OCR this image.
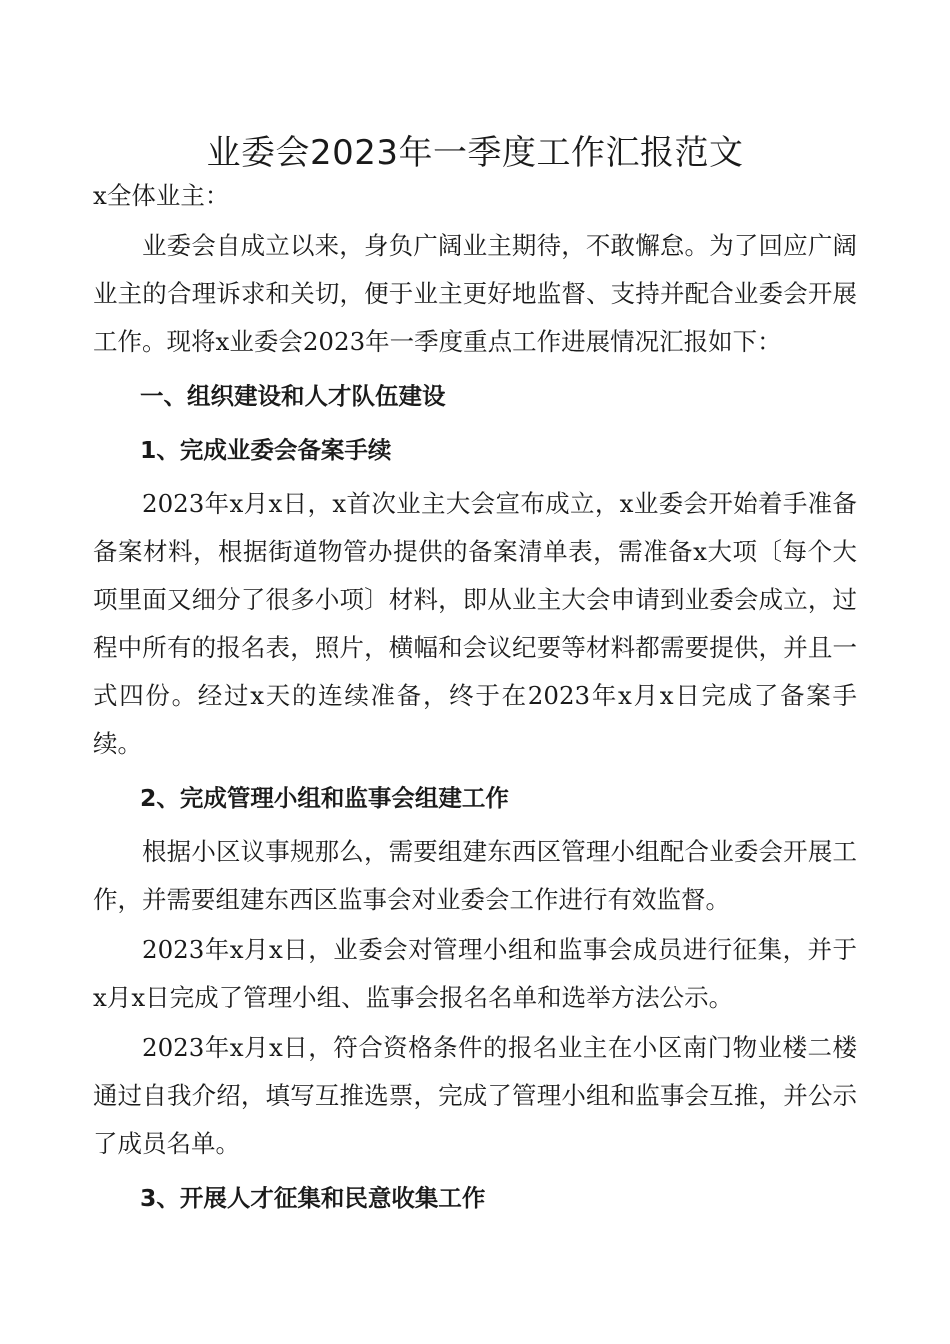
业委会2023年一季度工作汇报范文

x全体业主：

业委会自成立以来，身负广阔业主期待，不敢懈怠。为了回应广阔业主的合理诉求和关切，便于业主更好地监督、支持并配合业委会开展工作。现将x业委会2023年一季度重点工作进展情况汇报如下：

一、组织建设和人才队伍建设

1、完成业委会备案手续

2023年x月x日，x首次业主大会宣布成立，x业委会开始着手准备备案材料，根据街道物管办提供的备案清单表，需准备x大项〔每个大项里面又细分了很多小项〕材料，即从业主大会申请到业委会成立，过程中所有的报名表，照片，横幅和会议纪要等材料都需要提供，并且一式四份。经过x天的连续准备，终于在2023年x月x日完成了备案手续。

2、完成管理小组和监事会组建工作

根据小区议事规那么，需要组建东西区管理小组配合业委会开展工作，并需要组建东西区监事会对业委会工作进行有效监督。

2023年x月x日，业委会对管理小组和监事会成员进行征集，并于x月x日完成了管理小组、监事会报名名单和选举方法公示。

2023年x月x日，符合资格条件的报名业主在小区南门物业楼二楼通过自我介绍，填写互推选票，完成了管理小组和监事会互推，并公示了成员名单。

3、开展人才征集和民意收集工作
